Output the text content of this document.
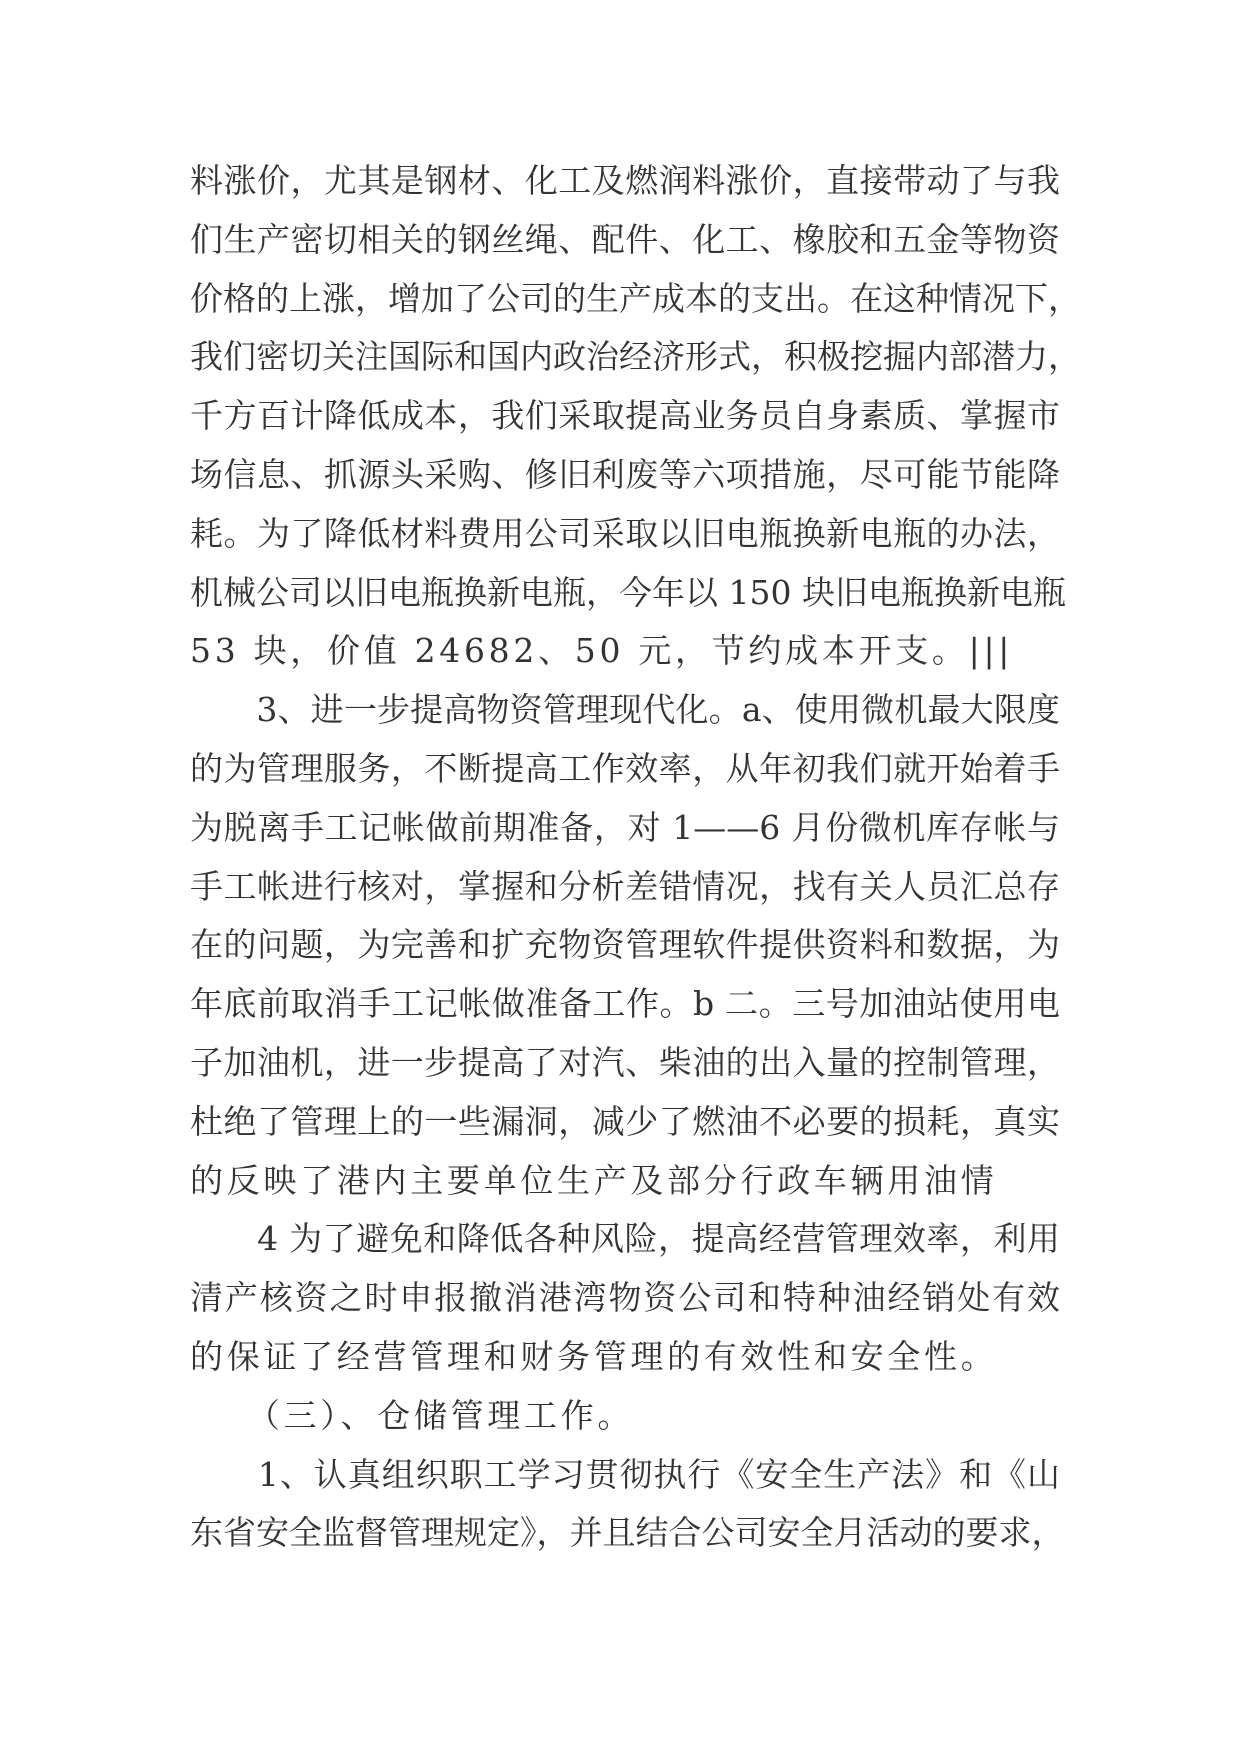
料涨价，尤其是钢材、化工及燃润料涨价，直接带动了与我
们生产密切相关的钢丝绳、配件、化工、橡胶和五金等物资
价格的上涨，增加了公司的生产成本的支出。在这种情况下，
我们密切关注国际和国内政治经济形式，积极挖掘内部潜力，
千方百计降低成本，我们采取提高业务员自身素质、掌握市
场信息、抓源头采购、修旧利废等六项措施，尽可能节能降
耗。为了降低材料费用公司采取以旧电瓶换新电瓶的办法，
机械公司以旧电瓶换新电瓶，今年以 150 块旧电瓶换新电瓶
53 块，价值 24682、50 元，节约成本开支。|||
　　3、进一步提高物资管理现代化。a、使用微机最大限度
的为管理服务，不断提高工作效率，从年初我们就开始着手
为脱离手工记帐做前期准备，对 1——6 月份微机库存帐与
手工帐进行核对，掌握和分析差错情况，找有关人员汇总存
在的问题，为完善和扩充物资管理软件提供资料和数据，为
年底前取消手工记帐做准备工作。b 二。三号加油站使用电
子加油机，进一步提高了对汽、柴油的出入量的控制管理，
杜绝了管理上的一些漏洞，减少了燃油不必要的损耗，真实
的反映了港内主要单位生产及部分行政车辆用油情
　　4 为了避免和降低各种风险，提高经营管理效率，利用
清产核资之时申报撤消港湾物资公司和特种油经销处有效
的保证了经营管理和财务管理的有效性和安全性。
　　（三）、仓储管理工作。
　　1、认真组织职工学习贯彻执行《安全生产法》和《山
东省安全监督管理规定》，并且结合公司安全月活动的要求，
